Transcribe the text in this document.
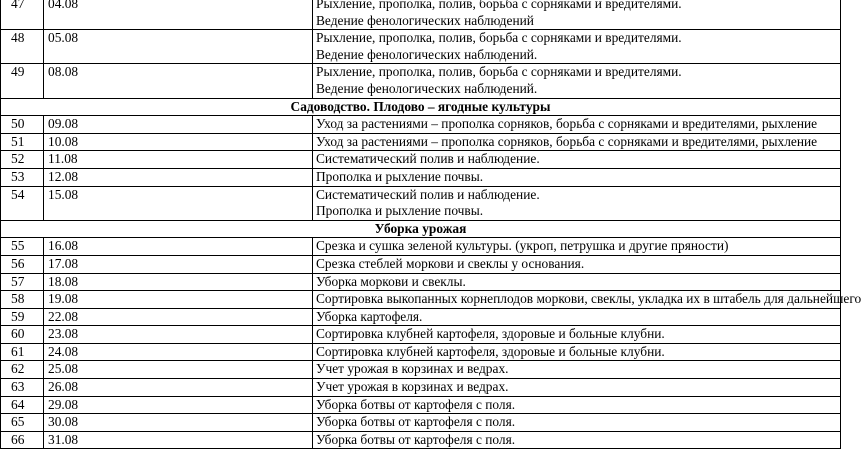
47	04.08	Рыхление, прополка, полив, борьба с сорняками и вредителями.
Ведение фенологических наблюдений

48	05.08	Рыхление, прополка, полив, борьба с сорняками и вредителями.
Ведение фенологических наблюдений.

49	08.08	Рыхление, прополка, полив, борьба с сорняками и вредителями.
Ведение фенологических наблюдений.

Садоводство. Плодово – ягодные культуры		
50	09.08	Уход за растениями – прополка сорняков, борьба с сорняками и вредителями, рыхление

51	10.08	Уход за растениями – прополка сорняков, борьба с сорняками и вредителями, рыхление

52	11.08	Систематический полив и наблюдение.

53	12.08	Прополка и рыхление почвы.

54	15.08	Систематический полив и наблюдение.
Прополка и рыхление почвы.

Уборка урожая		
55	16.08	Срезка и сушка зеленой культуры. (укроп, петрушка и другие пряности)

56	17.08	Срезка стеблей моркови и свеклы у основания.

57	18.08	Уборка моркови и свеклы.

58	19.08	Сортировка выкопанных корнеплодов моркови, свеклы, укладка их в штабель для дальнейшего

59	22.08	Уборка картофеля.

60	23.08	Сортировка клубней картофеля, здоровые и больные клубни.

61	24.08	Сортировка клубней картофеля, здоровые и больные клубни.

62	25.08	Учет урожая в корзинах и ведрах.

63	26.08	Учет урожая в корзинах и ведрах.

64	29.08	Уборка ботвы от картофеля с поля.

65	30.08	Уборка ботвы от картофеля с поля.

66	31.08	Уборка ботвы от картофеля с поля.
